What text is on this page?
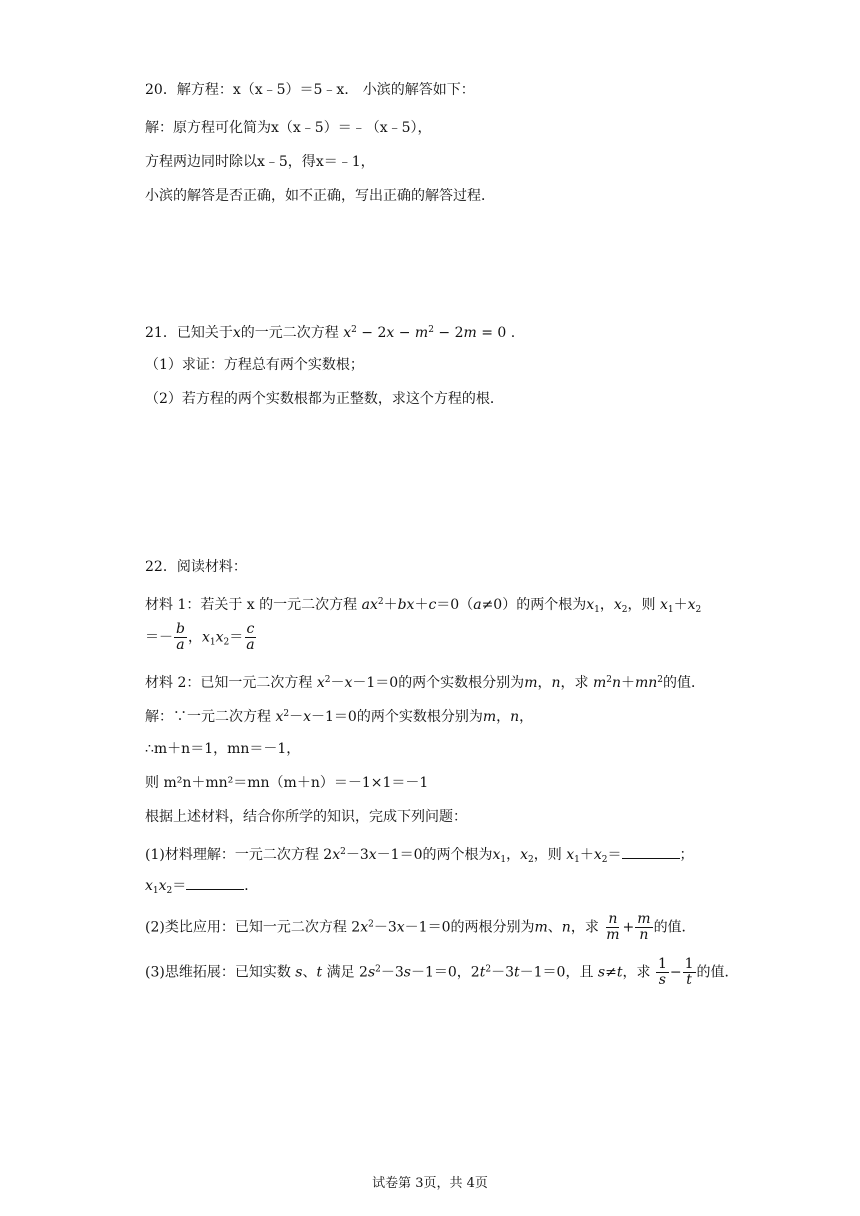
20．解方程：x（x﹣5）＝5﹣x． 小滨的解答如下：
解：原方程可化简为x（x﹣5）＝﹣（x﹣5），
方程两边同时除以x﹣5，得x＝﹣1，
小滨的解答是否正确，如不正确，写出正确的解答过程．
21．已知关于x的一元二次方程 $x^2 - 2x - m^2 - 2m = 0$ .
（1）求证：方程总有两个实数根；
（2）若方程的两个实数根都为正整数，求这个方程的根．
22．阅读材料：
材料 1：若关于 x 的一元二次方程 $ax^2+bx+c=0(a\ne 0)$的两个根为$x_1$，$x_2$，则 $x_1+x_2$
＝－ $\frac{b}{a}$ ，$x_1x_2= \frac{c}{a}$
材料 2：已知一元二次方程 $x^2-x-1=0$的两个实数根分别为m，n，求 $m^2n+mn^2$的值．
解：∵一元二次方程 $x^2-x-1=0$的两个实数根分别为m，n，
∴m＋n＝1，mn＝－1，
则 m²n＋mn²＝mn（m＋n）＝－1×1＝－1
根据上述材料，结合你所学的知识，完成下列问题：
(1)材料理解：一元二次方程 $2x^2-3x-1=0$的两个根为$x_1$，$x_2$，则 $x_1+x_2=$	；
$x_1x_2=$	．
(2)类比应用：已知一元二次方程 $2x^2-3x-1=0$的两根分别为m、n，求 $\frac{n}{m} + \frac{m}{n}$ 的值．
(3)思维拓展：已知实数 s、t 满足 $2s^2-3s-1=0$，$2t^2-3t-1=0$，且 s≠t，求 $\frac{1}{s} - \frac{1}{t}$ 的值．
试卷第 3页，共 4页
